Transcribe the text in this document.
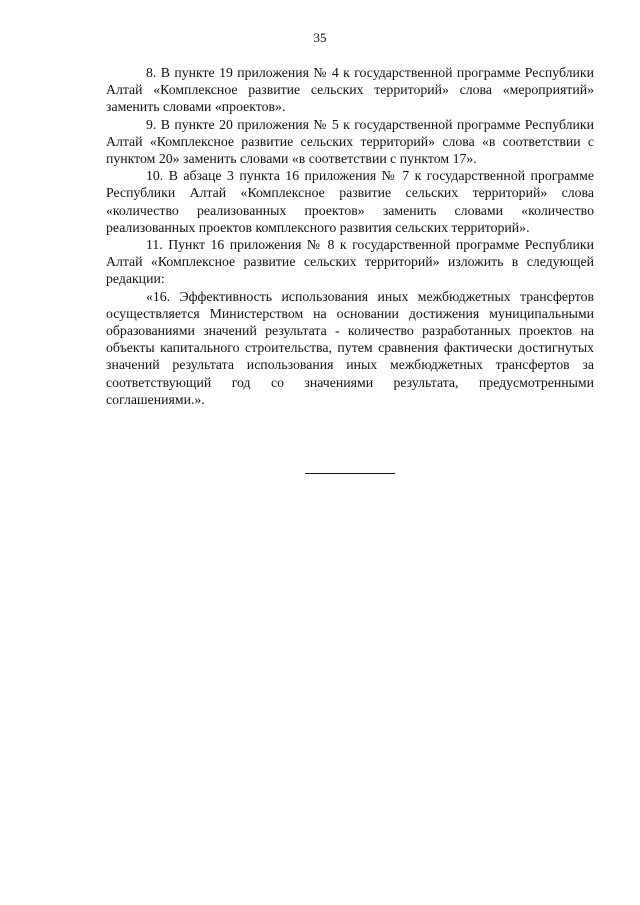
35

8. В пункте 19 приложения № 4 к государственной программе Республики Алтай «Комплексное развитие сельских территорий» слова «мероприятий» заменить словами «проектов».

9. В пункте 20 приложения № 5 к государственной программе Республики Алтай «Комплексное развитие сельских территорий» слова «в соответствии с пунктом 20» заменить словами «в соответствии с пунктом 17».

10. В абзаце 3 пункта 16 приложения № 7 к государственной программе Республики Алтай «Комплексное развитие сельских территорий» слова «количество реализованных проектов» заменить словами «количество реализованных проектов комплексного развития сельских территорий».

11. Пункт 16 приложения № 8 к государственной программе Республики Алтай «Комплексное развитие сельских территорий» изложить в следующей редакции:

«16. Эффективность использования иных межбюджетных трансфертов осуществляется Министерством на основании достижения муниципальными образованиями значений результата - количество разработанных проектов на объекты капитального строительства, путем сравнения фактически достигнутых значений результата использования иных межбюджетных трансфертов за соответствующий год со значениями результата, предусмотренными соглашениями.».
